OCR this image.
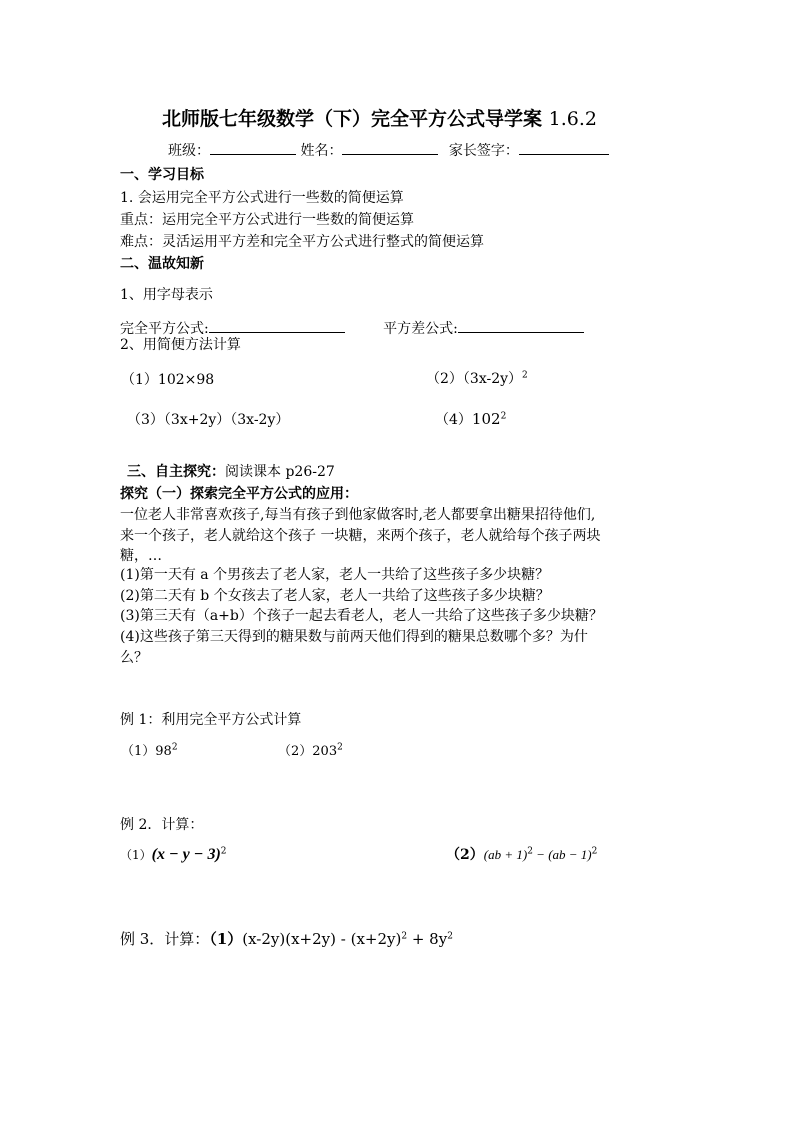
北师版七年级数学（下）完全平方公式导学案 1.6.2
班级：	姓名：	家长签字：
一、学习目标
1. 会运用完全平方公式进行一些数的简便运算
重点：运用完全平方公式进行一些数的简便运算
难点：灵活运用平方差和完全平方公式进行整式的简便运算
二、温故知新
1、用字母表示
完全平方公式:	平方差公式:
2、用简便方法计算
（1）102×98	$(2)(3x-2y)^2$
（3）（3x+2y）（3x-2y）	$(4)102^2$
三、自主探究：阅读课本 p26-27
探究（一）探索完全平方公式的应用：
一位老人非常喜欢孩子,每当有孩子到他家做客时,老人都要拿出糖果招待他们,
来一个孩子，老人就给这个孩子 一块糖，来两个孩子，老人就给每个孩子两块
糖，…
(1)第一天有 a 个男孩去了老人家，老人一共给了这些孩子多少块糖？
(2)第二天有 b 个女孩去了老人家，老人一共给了这些孩子多少块糖？
(3)第三天有（a+b）个孩子一起去看老人，老人一共给了这些孩子多少块糖？
(4)这些孩子第三天得到的糖果数与前两天他们得到的糖果总数哪个多？为什
么？
例 1：利用完全平方公式计算
$(1)98^2$	$(2)203^2$
例 2．计算：
$(1)(x - y - 3)^2$	（2）(ab + 1)$^2$ − (ab − 1)$^2$
例 3．计算：$(1)(x-2y)(x+2y) - (x+2y)^2 + 8y^2$
